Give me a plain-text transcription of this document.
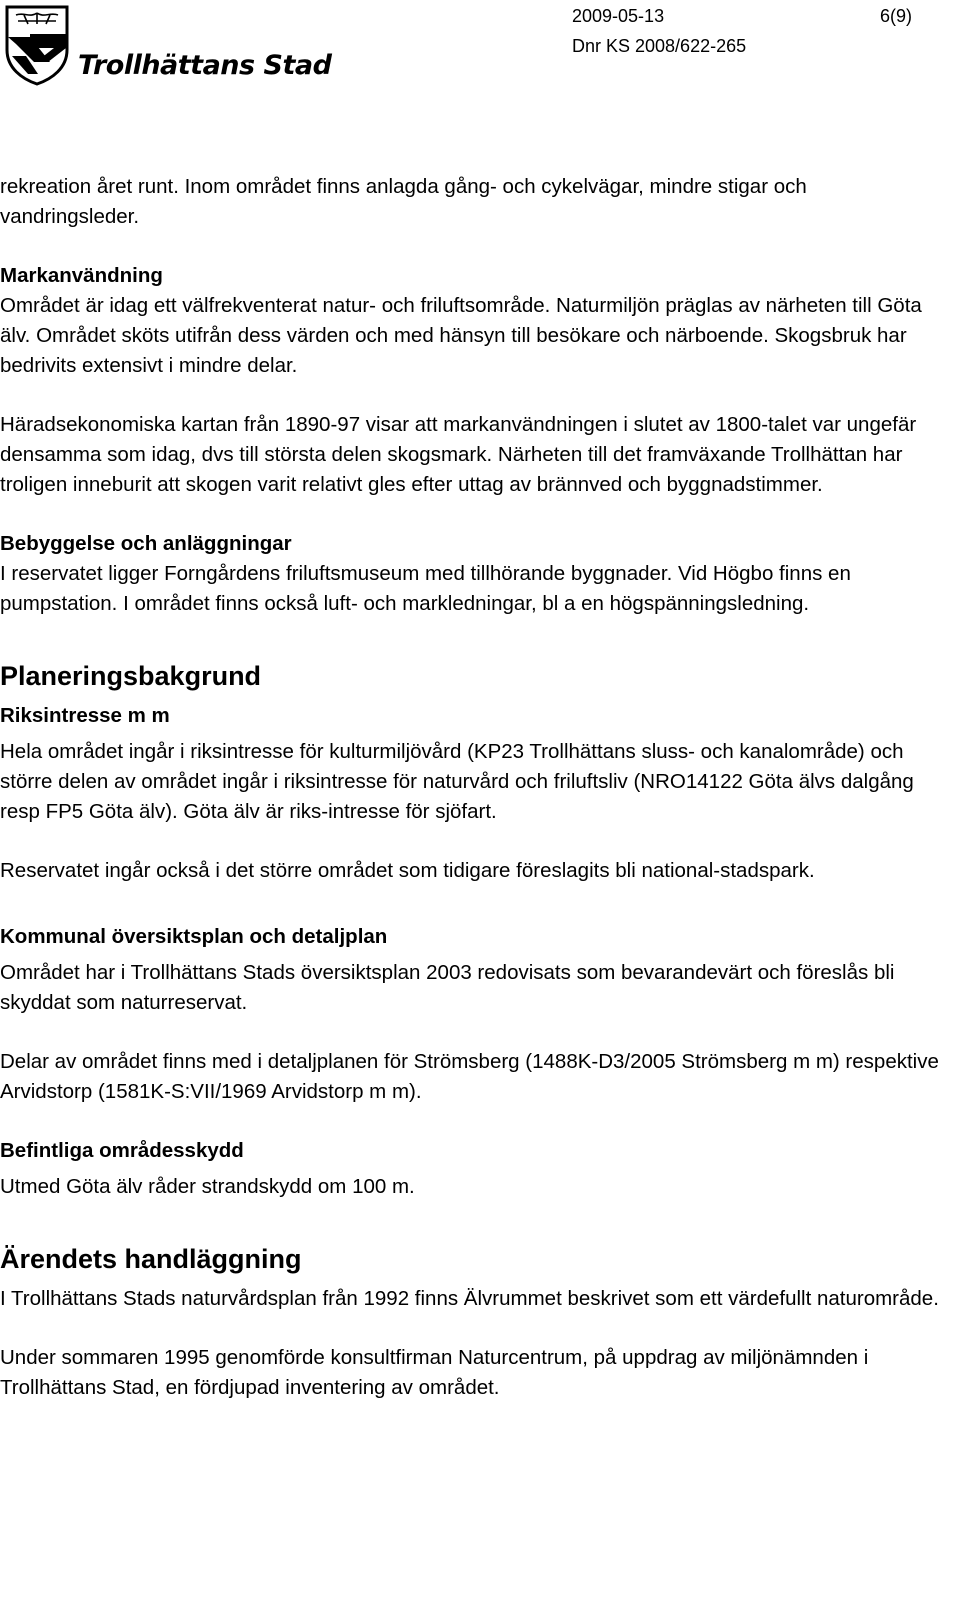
Trollhättans Stad
2009-05-13	6(9)
Dnr KS 2008/622-265

rekreation året runt. Inom området finns anlagda gång- och cykelvägar, mindre stigar och vandringsleder.

Markanvändning

Området är idag ett välfrekventerat natur- och friluftsområde. Naturmiljön präglas av närheten till Göta älv. Området sköts utifrån dess värden och med hänsyn till besökare och närboende. Skogsbruk har bedrivits extensivt i mindre delar.

Häradsekonomiska kartan från 1890-97 visar att markanvändningen i slutet av 1800-talet var ungefär densamma som idag, dvs till största delen skogsmark. Närheten till det framväxande Trollhättan har troligen inneburit att skogen varit relativt gles efter uttag av brännved och byggnadstimmer.

Bebyggelse och anläggningar

I reservatet ligger Forngårdens friluftsmuseum med tillhörande byggnader. Vid Högbo finns en pumpstation. I området finns också luft- och markledningar, bl a en högspänningsledning.

Planeringsbakgrund
Riksintresse m m

Hela området ingår i riksintresse för kulturmiljövård (KP23 Trollhättans sluss- och kanalområde) och större delen av området ingår i riksintresse för naturvård och friluftsliv (NRO14122 Göta älvs dalgång resp FP5 Göta älv). Göta älv är riks-intresse för sjöfart.

Reservatet ingår också i det större området som tidigare föreslagits bli national-stadspark.

Kommunal översiktsplan och detaljplan

Området har i Trollhättans Stads översiktsplan 2003 redovisats som bevarandevärt och föreslås bli skyddat som naturreservat.

Delar av området finns med i detaljplanen för Strömsberg (1488K-D3/2005 Strömsberg m m) respektive Arvidstorp (1581K-S:VII/1969 Arvidstorp m m).

Befintliga områdesskydd

Utmed Göta älv råder strandskydd om 100 m.

Ärendets handläggning

I Trollhättans Stads naturvårdsplan från 1992 finns Älvrummet beskrivet som ett värdefullt naturområde.

Under sommaren 1995 genomförde konsultfirman Naturcentrum, på uppdrag av miljönämnden i Trollhättans Stad, en fördjupad inventering av området.
